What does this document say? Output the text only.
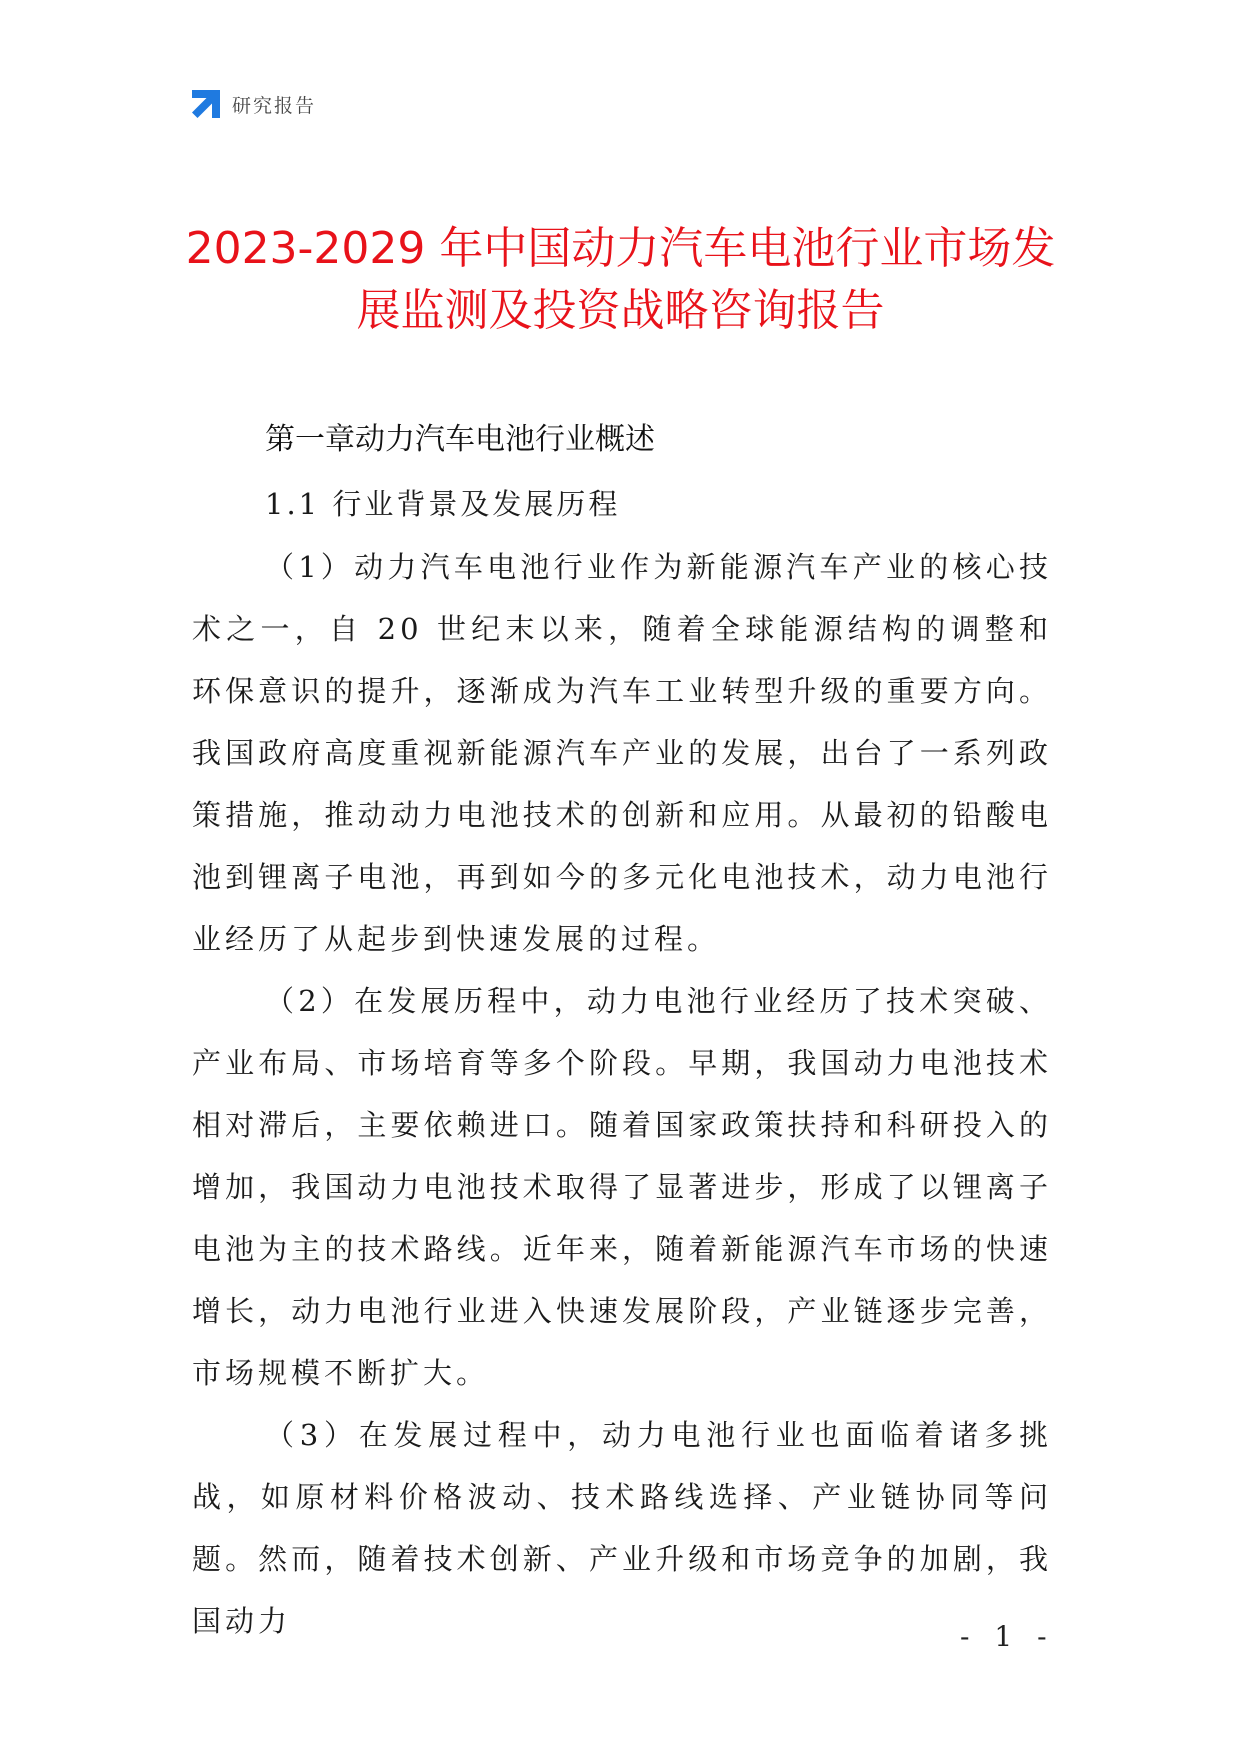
研究报告
2023-2029 年中国动力汽车电池行业市场发
展监测及投资战略咨询报告
第一章动力汽车电池行业概述
1.1 行业背景及发展历程

（1）动力汽车电池行业作为新能源汽车产业的核心技术之一，自 20 世纪末以来，随着全球能源结构的调整和环保意识的提升，逐渐成为汽车工业转型升级的重要方向。我国政府高度重视新能源汽车产业的发展，出台了一系列政策措施，推动动力电池技术的创新和应用。从最初的铅酸电池到锂离子电池，再到如今的多元化电池技术，动力电池行业经历了从起步到快速发展的过程。

（2）在发展历程中，动力电池行业经历了技术突破、产业布局、市场培育等多个阶段。早期，我国动力电池技术相对滞后，主要依赖进口。随着国家政策扶持和科研投入的增加，我国动力电池技术取得了显著进步，形成了以锂离子电池为主的技术路线。近年来，随着新能源汽车市场的快速增长，动力电池行业进入快速发展阶段，产业链逐步完善，市场规模不断扩大。

（3）在发展过程中，动力电池行业也面临着诸多挑战，如原材料价格波动、技术路线选择、产业链协同等问题。然而，随着技术创新、产业升级和市场竞争的加剧，我国动力	- 1 -
